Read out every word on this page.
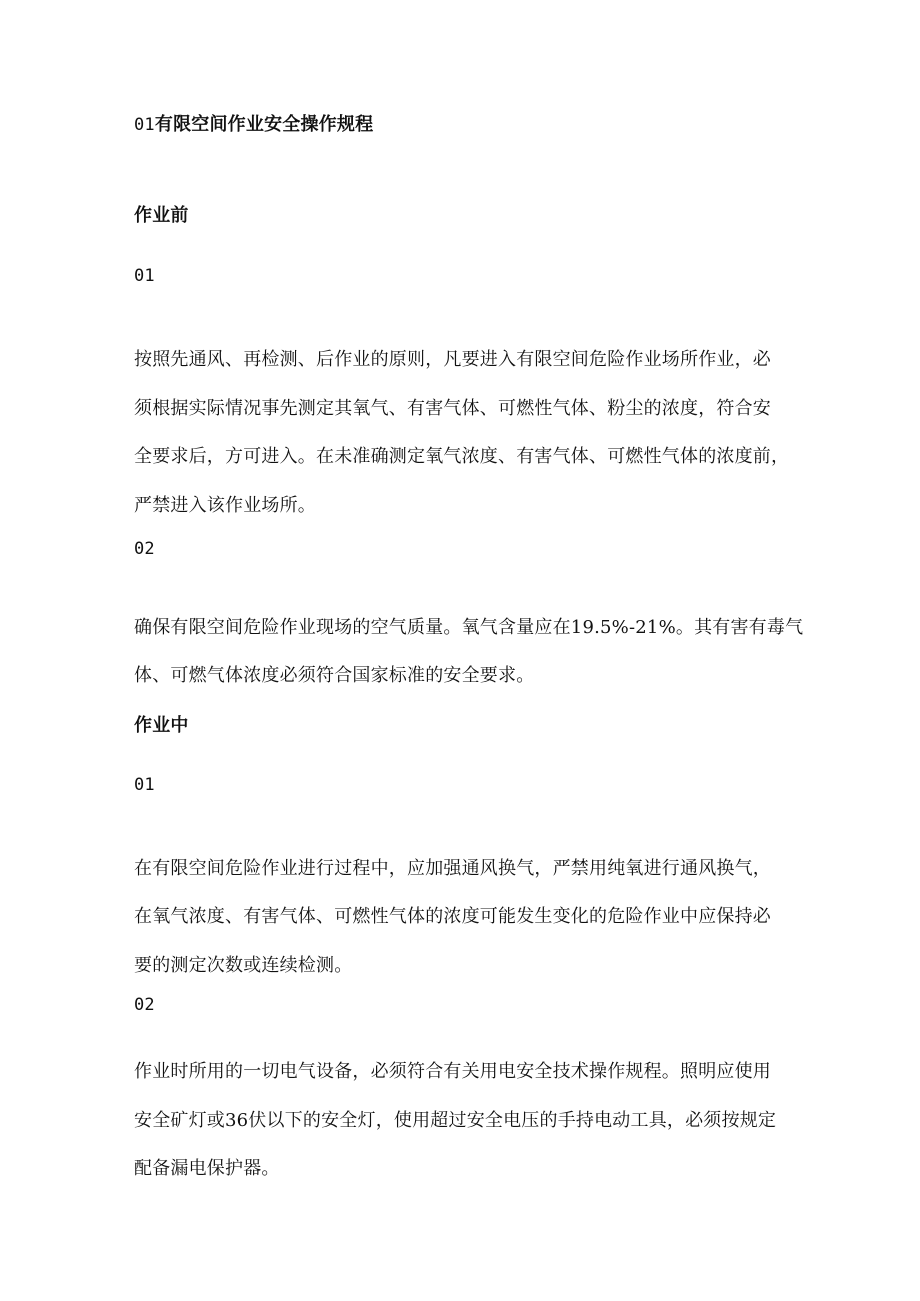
01有限空间作业安全操作规程
作业前
01
按照先通风、再检测、后作业的原则，凡要进入有限空间危险作业场所作业，必
须根据实际情况事先测定其氧气、有害气体、可燃性气体、粉尘的浓度，符合安
全要求后，方可进入。在未准确测定氧气浓度、有害气体、可燃性气体的浓度前，
严禁进入该作业场所。
02
确保有限空间危险作业现场的空气质量。氧气含量应在19.5%-21%。其有害有毒气
体、可燃气体浓度必须符合国家标准的安全要求。
作业中
01
在有限空间危险作业进行过程中，应加强通风换气，严禁用纯氧进行通风换气，
在氧气浓度、有害气体、可燃性气体的浓度可能发生变化的危险作业中应保持必
要的测定次数或连续检测。
02
作业时所用的一切电气设备，必须符合有关用电安全技术操作规程。照明应使用
安全矿灯或36伏以下的安全灯，使用超过安全电压的手持电动工具，必须按规定
配备漏电保护器。
